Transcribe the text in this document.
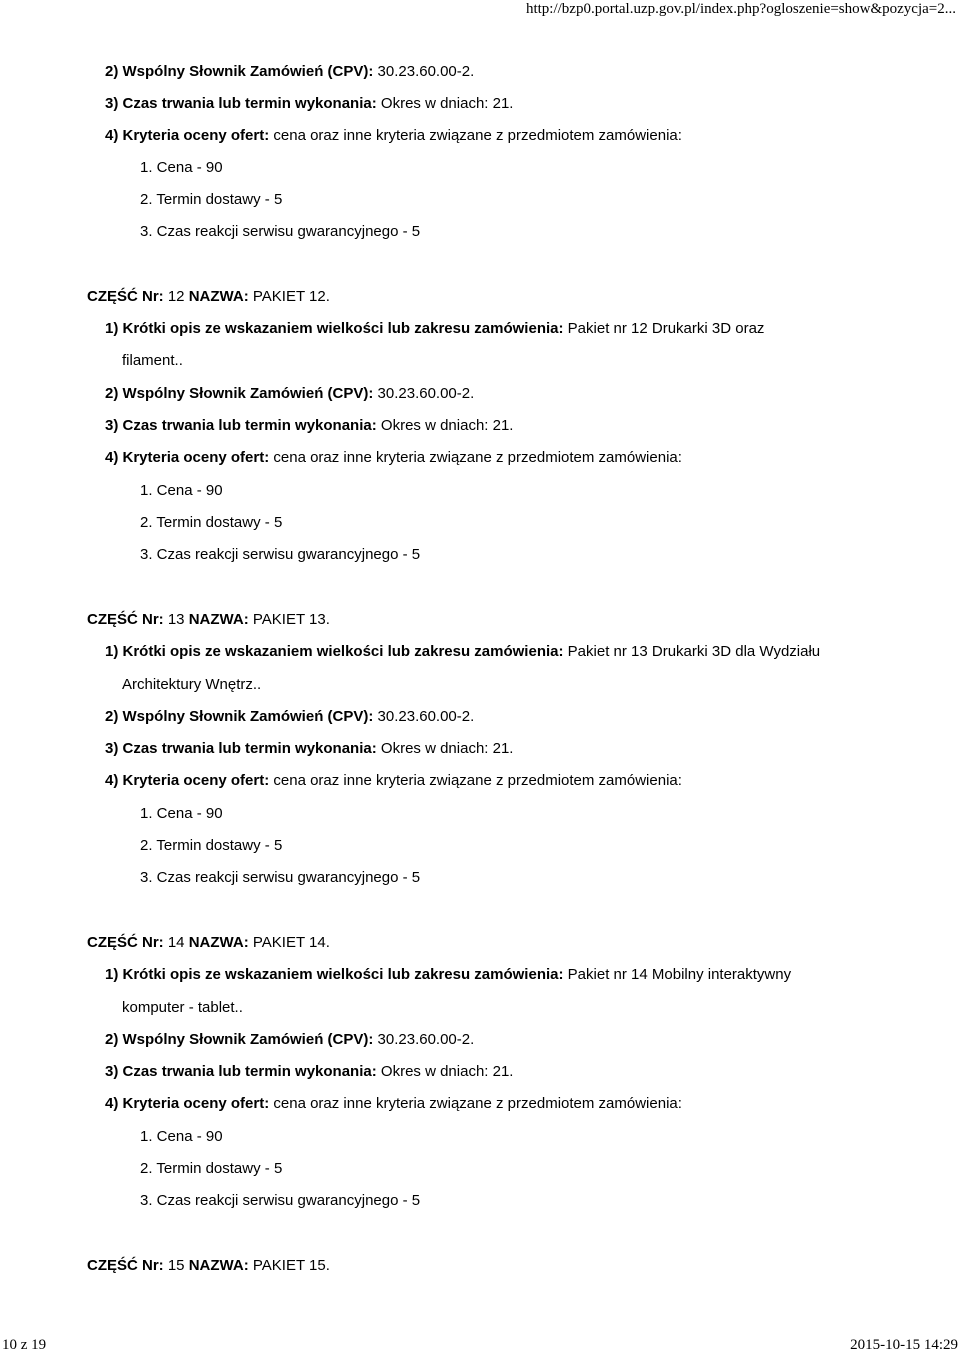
http://bzp0.portal.uzp.gov.pl/index.php?ogloszenie=show&pozycja=2...
2) Wspólny Słownik Zamówień (CPV): 30.23.60.00-2.
3) Czas trwania lub termin wykonania: Okres w dniach: 21.
4) Kryteria oceny ofert: cena oraz inne kryteria związane z przedmiotem zamówienia:
1. Cena - 90
2. Termin dostawy - 5
3. Czas reakcji serwisu gwarancyjnego - 5
CZĘŚĆ Nr: 12 NAZWA: PAKIET 12.
1) Krótki opis ze wskazaniem wielkości lub zakresu zamówienia: Pakiet nr 12 Drukarki 3D oraz
filament..
2) Wspólny Słownik Zamówień (CPV): 30.23.60.00-2.
3) Czas trwania lub termin wykonania: Okres w dniach: 21.
4) Kryteria oceny ofert: cena oraz inne kryteria związane z przedmiotem zamówienia:
1. Cena - 90
2. Termin dostawy - 5
3. Czas reakcji serwisu gwarancyjnego - 5
CZĘŚĆ Nr: 13 NAZWA: PAKIET 13.
1) Krótki opis ze wskazaniem wielkości lub zakresu zamówienia: Pakiet nr 13 Drukarki 3D dla Wydziału
Architektury Wnętrz..
2) Wspólny Słownik Zamówień (CPV): 30.23.60.00-2.
3) Czas trwania lub termin wykonania: Okres w dniach: 21.
4) Kryteria oceny ofert: cena oraz inne kryteria związane z przedmiotem zamówienia:
1. Cena - 90
2. Termin dostawy - 5
3. Czas reakcji serwisu gwarancyjnego - 5
CZĘŚĆ Nr: 14 NAZWA: PAKIET 14.
1) Krótki opis ze wskazaniem wielkości lub zakresu zamówienia: Pakiet nr 14 Mobilny interaktywny
komputer - tablet..
2) Wspólny Słownik Zamówień (CPV): 30.23.60.00-2.
3) Czas trwania lub termin wykonania: Okres w dniach: 21.
4) Kryteria oceny ofert: cena oraz inne kryteria związane z przedmiotem zamówienia:
1. Cena - 90
2. Termin dostawy - 5
3. Czas reakcji serwisu gwarancyjnego - 5
CZĘŚĆ Nr: 15 NAZWA: PAKIET 15.
10 z 19	2015-10-15 14:29
